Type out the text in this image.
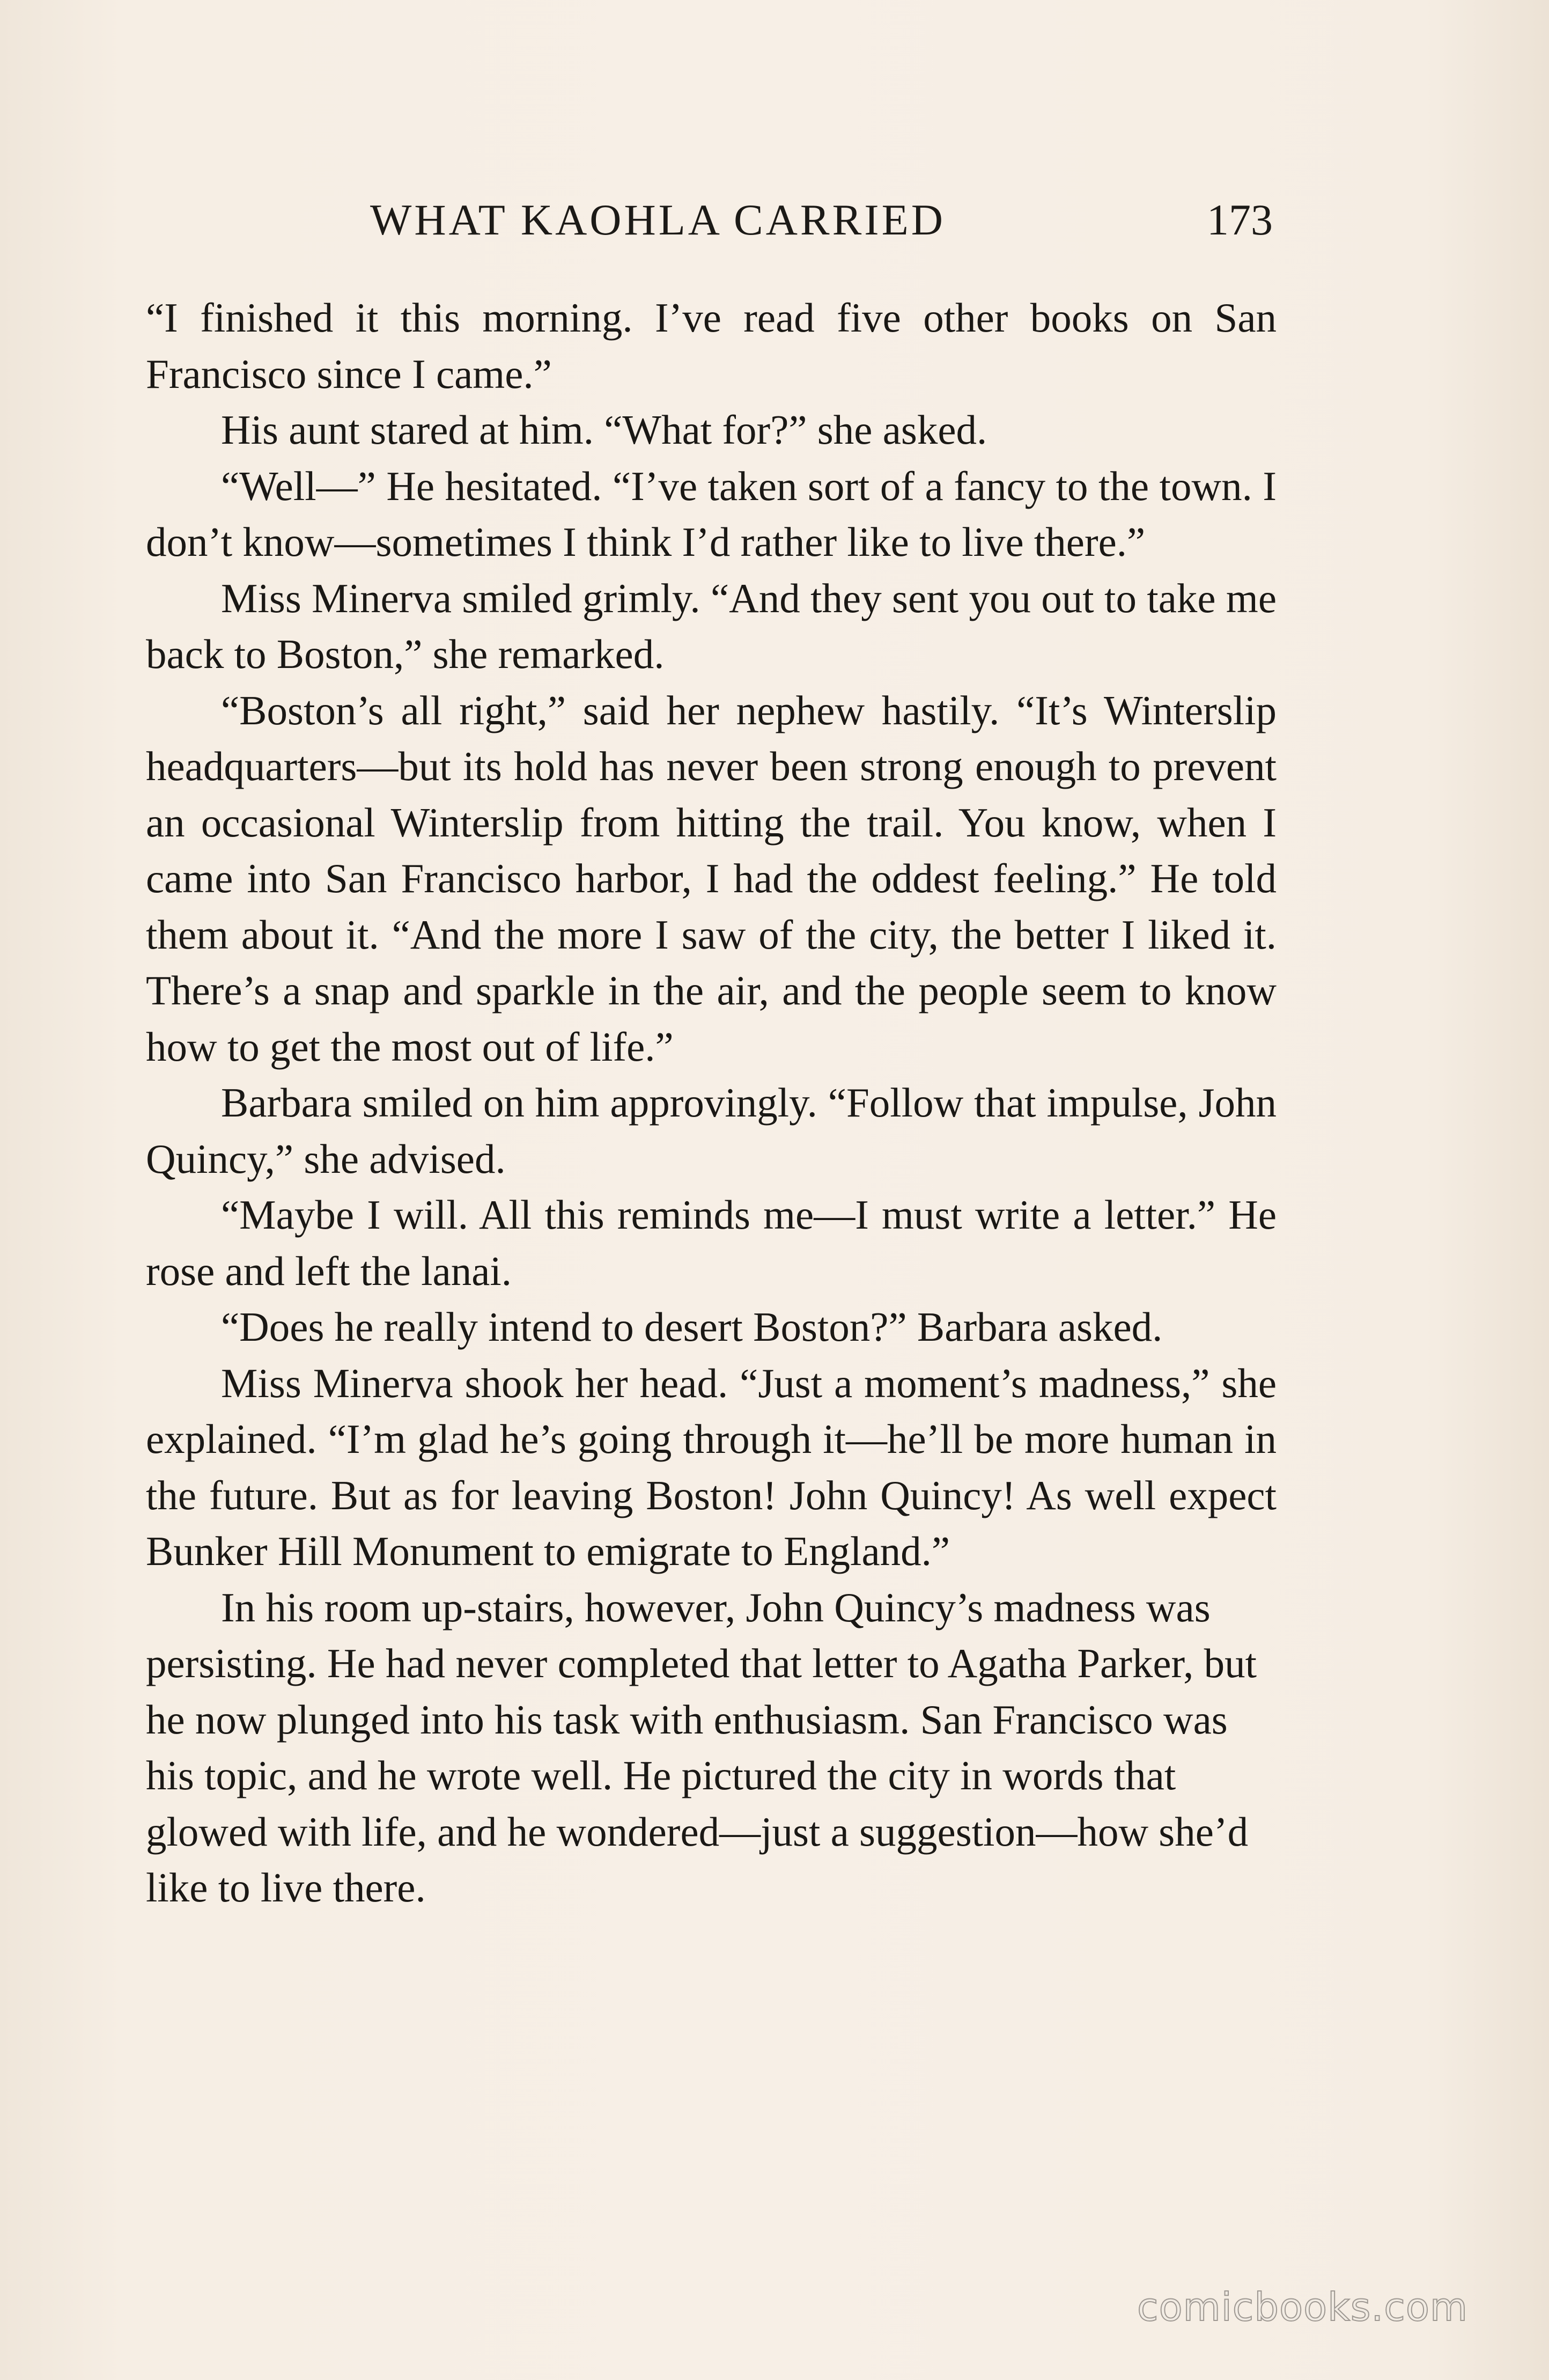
WHAT KAOHLA CARRIED	173

“I finished it this morning. I’ve read five other books on San Francisco since I came.”

His aunt stared at him. “What for?” she asked.

“Well—” He hesitated. “I’ve taken sort of a fancy to the town. I don’t know—sometimes I think I’d rather like to live there.”

Miss Minerva smiled grimly. “And they sent you out to take me back to Boston,” she remarked.

“Boston’s all right,” said her nephew hastily. “It’s Winterslip headquarters—but its hold has never been strong enough to prevent an occasional Winterslip from hitting the trail. You know, when I came into San Francisco harbor, I had the oddest feeling.” He told them about it. “And the more I saw of the city, the better I liked it. There’s a snap and sparkle in the air, and the people seem to know how to get the most out of life.”

Barbara smiled on him approvingly. “Follow that impulse, John Quincy,” she advised.

“Maybe I will. All this reminds me—I must write a letter.” He rose and left the lanai.

“Does he really intend to desert Boston?” Barbara asked.

Miss Minerva shook her head. “Just a moment’s madness,” she explained. “I’m glad he’s going through it—he’ll be more human in the future. But as for leaving Boston! John Quincy! As well expect Bunker Hill Monument to emigrate to England.”

In his room up-stairs, however, John Quincy’s madness was persisting. He had never completed that letter to Agatha Parker, but he now plunged into his task with enthusiasm. San Francisco was his topic, and he wrote well. He pictured the city in words that glowed with life, and he wondered—just a suggestion—how she’d like to live there.

comicbooks.com
